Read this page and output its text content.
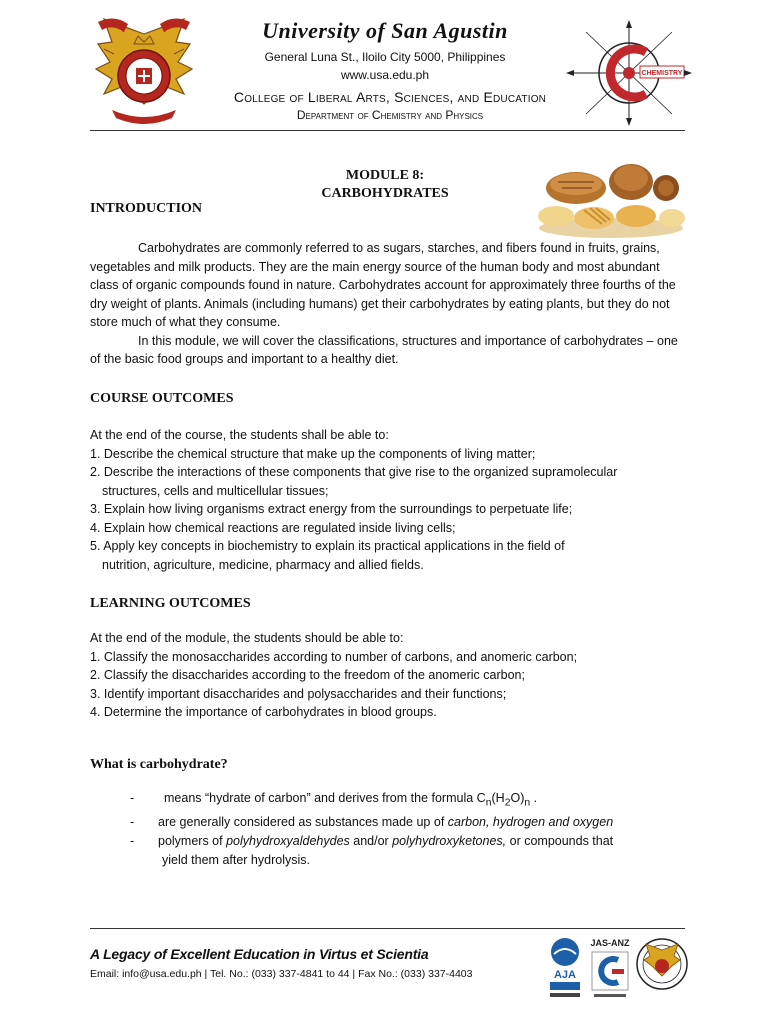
University of San Agustin
General Luna St., Iloilo City 5000, Philippines
www.usa.edu.ph
College of Liberal Arts, Sciences, and Education
Department of Chemistry and Physics
CHEMISTRY
MODULE 8:
CARBOHYDRATES
INTRODUCTION

Carbohydrates are commonly referred to as sugars, starches, and fibers found in fruits, grains, vegetables and milk products. They are the main energy source of the human body and most abundant class of organic compounds found in nature. Carbohydrates account for approximately three fourths of the dry weight of plants. Animals (including humans) get their carbohydrates by eating plants, but they do not store much of what they consume.

In this module, we will cover the classifications, structures and importance of carbohydrates – one of the basic food groups and important to a healthy diet.

COURSE OUTCOMES

At the end of the course, the students shall be able to:

1. Describe the chemical structure that make up the components of living matter;

2. Describe the interactions of these components that give rise to the organized supramolecular

structures, cells and multicellular tissues;

3. Explain how living organisms extract energy from the surroundings to perpetuate life;

4. Explain how chemical reactions are regulated inside living cells;

5. Apply key concepts in biochemistry to explain its practical applications in the field of

nutrition, agriculture, medicine, pharmacy and allied fields.

LEARNING OUTCOMES

At the end of the module, the students should be able to:

1. Classify the monosaccharides according to number of carbons, and anomeric carbon;

2. Classify the disaccharides according to the freedom of the anomeric carbon;

3. Identify important disaccharides and polysaccharides and their functions;

4. Determine the importance of carbohydrates in blood groups.

What is carbohydrate?
- means “hydrate of carbon” and derives from the formula $C_n(H_2O)_n$ .
- are generally considered as substances made up of carbon, hydrogen and oxygen
- polymers of polyhydroxyaldehydes and/or polyhydroxyketones, or compounds that
yield them after hydrolysis.
A Legacy of Excellent Education in Virtus et Scientia
Email: info@usa.edu.ph | Tel. No.: (033) 337-4841 to 44 | Fax No.: (033) 337-4403	AJA
JAS-ANZ
